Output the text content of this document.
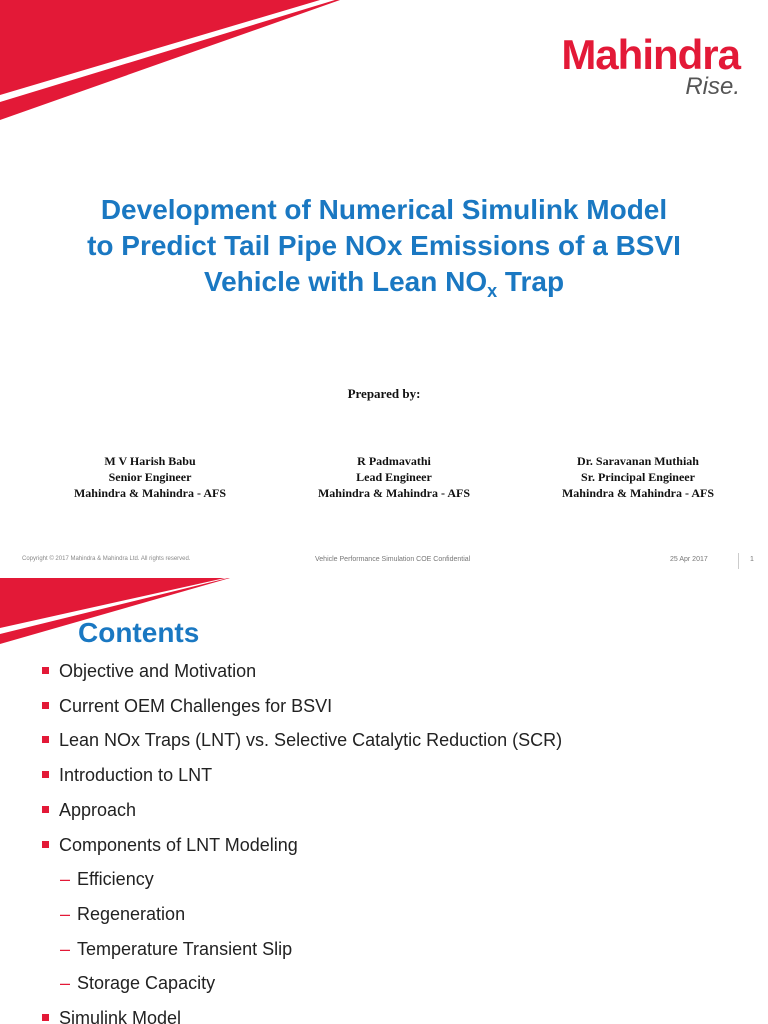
Mahindra
Rise.
Development of Numerical Simulink Model
to Predict Tail Pipe NOx Emissions of a BSVI
Vehicle with Lean $NO_x$ Trap
Prepared by:
M V Harish Babu
Senior Engineer
Mahindra & Mahindra - AFS
R Padmavathi
Lead Engineer
Mahindra & Mahindra - AFS
Dr. Saravanan Muthiah
Sr. Principal Engineer
Mahindra & Mahindra - AFS
Copyright © 2017 Mahindra & Mahindra Ltd. All rights reserved.	Vehicle Performance Simulation COE Confidential	25 Apr 2017	1
Contents
Objective and Motivation
Current OEM Challenges for BSVI
Lean NOx Traps (LNT) vs. Selective Catalytic Reduction (SCR)
Introduction to LNT
Approach
Components of LNT Modeling
– Efficiency
– Regeneration
– Temperature Transient Slip
– Storage Capacity
Simulink Model
